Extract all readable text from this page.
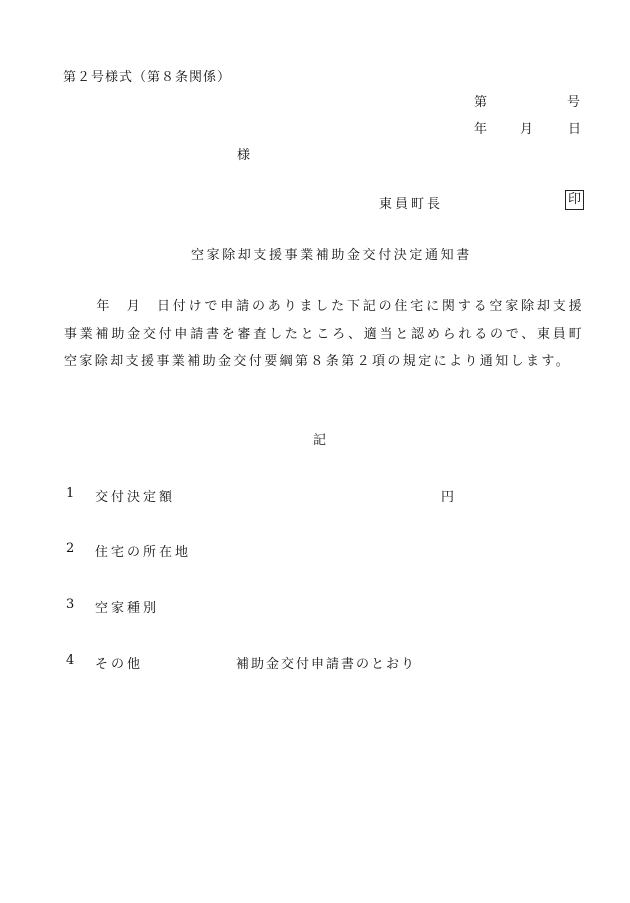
第２号様式（第８条関係）
第	号
年	月	日
様
東員町長	印
空家除却支援事業補助金交付決定通知書
年 月 日付けで申請のありました下記の住宅に関する空家除却支援事業補助金交付申請書を審査したところ、適当と認められるので、東員町空家除却支援事業補助金交付要綱第８条第２項の規定により通知します。
記
1 交付決定額	円
2 住宅の所在地
3 空家種別
4 その他	補助金交付申請書のとおり
